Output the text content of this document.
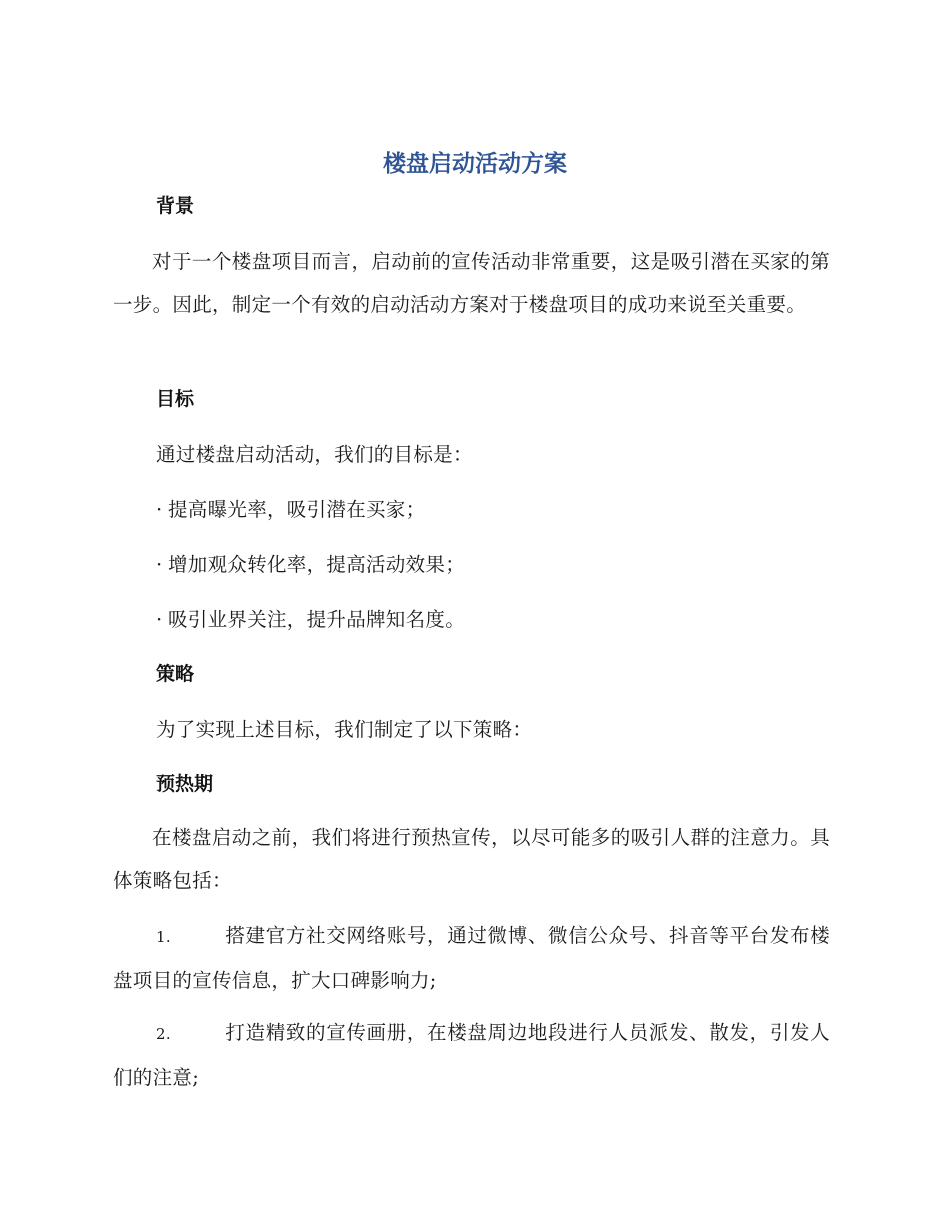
楼盘启动活动方案
背景
对于一个楼盘项目而言，启动前的宣传活动非常重要，这是吸引潜在买家的第一步。因此，制定一个有效的启动活动方案对于楼盘项目的成功来说至关重要。
目标
通过楼盘启动活动，我们的目标是：
· 提高曝光率，吸引潜在买家；
· 增加观众转化率，提高活动效果；
· 吸引业界关注，提升品牌知名度。
策略
为了实现上述目标，我们制定了以下策略：
预热期
在楼盘启动之前，我们将进行预热宣传，以尽可能多的吸引人群的注意力。具体策略包括：
1.	搭建官方社交网络账号，通过微博、微信公众号、抖音等平台发布楼盘项目的宣传信息，扩大口碑影响力;
2.	打造精致的宣传画册，在楼盘周边地段进行人员派发、散发，引发人们的注意;
